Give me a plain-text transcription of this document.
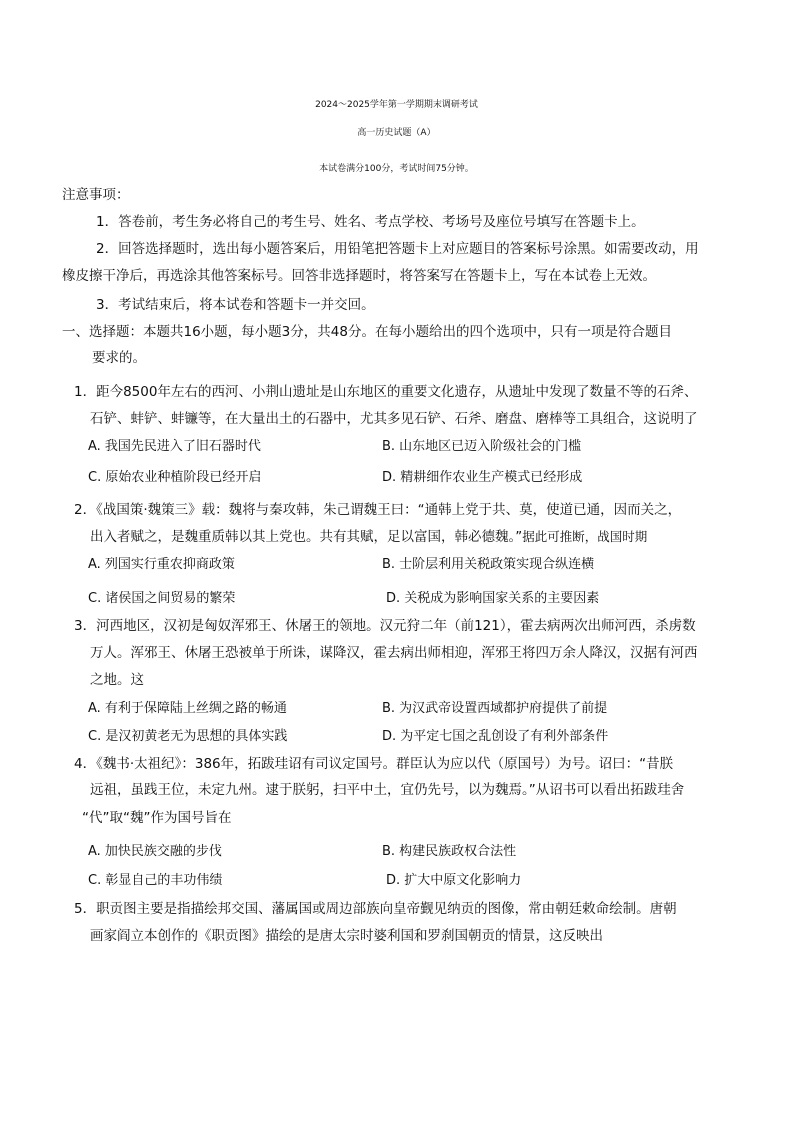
2024～2025学年第一学期期末调研考试
高一历史试题（A）
本试卷满分100分，考试时间75分钟。
注意事项：
1．答卷前，考生务必将自己的考生号、姓名、考点学校、考场号及座位号填写在答题卡上。
2．回答选择题时，选出每小题答案后，用铅笔把答题卡上对应题目的答案标号涂黑。如需要改动，用
橡皮擦干净后，再选涂其他答案标号。回答非选择题时，将答案写在答题卡上，写在本试卷上无效。
3．考试结束后，将本试卷和答题卡一并交回。
一、选择题：本题共16小题，每小题3分，共48分。在每小题给出的四个选项中，只有一项是符合题目
要求的。
1．距今8500年左右的西河、小荆山遗址是山东地区的重要文化遗存，从遗址中发现了数量不等的石斧、
石铲、蚌铲、蚌镰等，在大量出土的石器中，尤其多见石铲、石斧、磨盘、磨棒等工具组合，这说明了
A. 我国先民进入了旧石器时代	B. 山东地区已迈入阶级社会的门槛
C. 原始农业种植阶段已经开启	D. 精耕细作农业生产模式已经形成
2．《战国策·魏策三》载：魏将与秦攻韩，朱己谓魏王曰：“通韩上党于共、莫，使道已通，因而关之，
出入者赋之，是魏重质韩以其上党也。共有其赋，足以富国，韩必德魏。”据此可推断，战国时期
A. 列国实行重农抑商政策	B. 士阶层利用关税政策实现合纵连横
C. 诸侯国之间贸易的繁荣	D. 关税成为影响国家关系的主要因素
3．河西地区，汉初是匈奴浑邪王、休屠王的领地。汉元狩二年（前121），霍去病两次出师河西，杀虏数
万人。浑邪王、休屠王恐被单于所诛，谋降汉，霍去病出师相迎，浑邪王将四万余人降汉，汉据有河西
之地。这
A. 有利于保障陆上丝绸之路的畅通	B. 为汉武帝设置西域都护府提供了前提
C. 是汉初黄老无为思想的具体实践	D. 为平定七国之乱创设了有利外部条件
4．《魏书·太祖纪》：386年，拓跋珪诏有司议定国号。群臣认为应以代（原国号）为号。诏曰：“昔朕
远祖，虽践王位，未定九州。逮于朕躬，扫平中土，宜仍先号，以为魏焉。”从诏书可以看出拓跋珪舍
“代”取“魏”作为国号旨在
A. 加快民族交融的步伐	B. 构建民族政权合法性
C. 彰显自己的丰功伟绩	D. 扩大中原文化影响力
5．职贡图主要是指描绘邦交国、藩属国或周边部族向皇帝觐见纳贡的图像，常由朝廷敕命绘制。唐朝
画家阎立本创作的《职贡图》描绘的是唐太宗时婆利国和罗刹国朝贡的情景，这反映出
